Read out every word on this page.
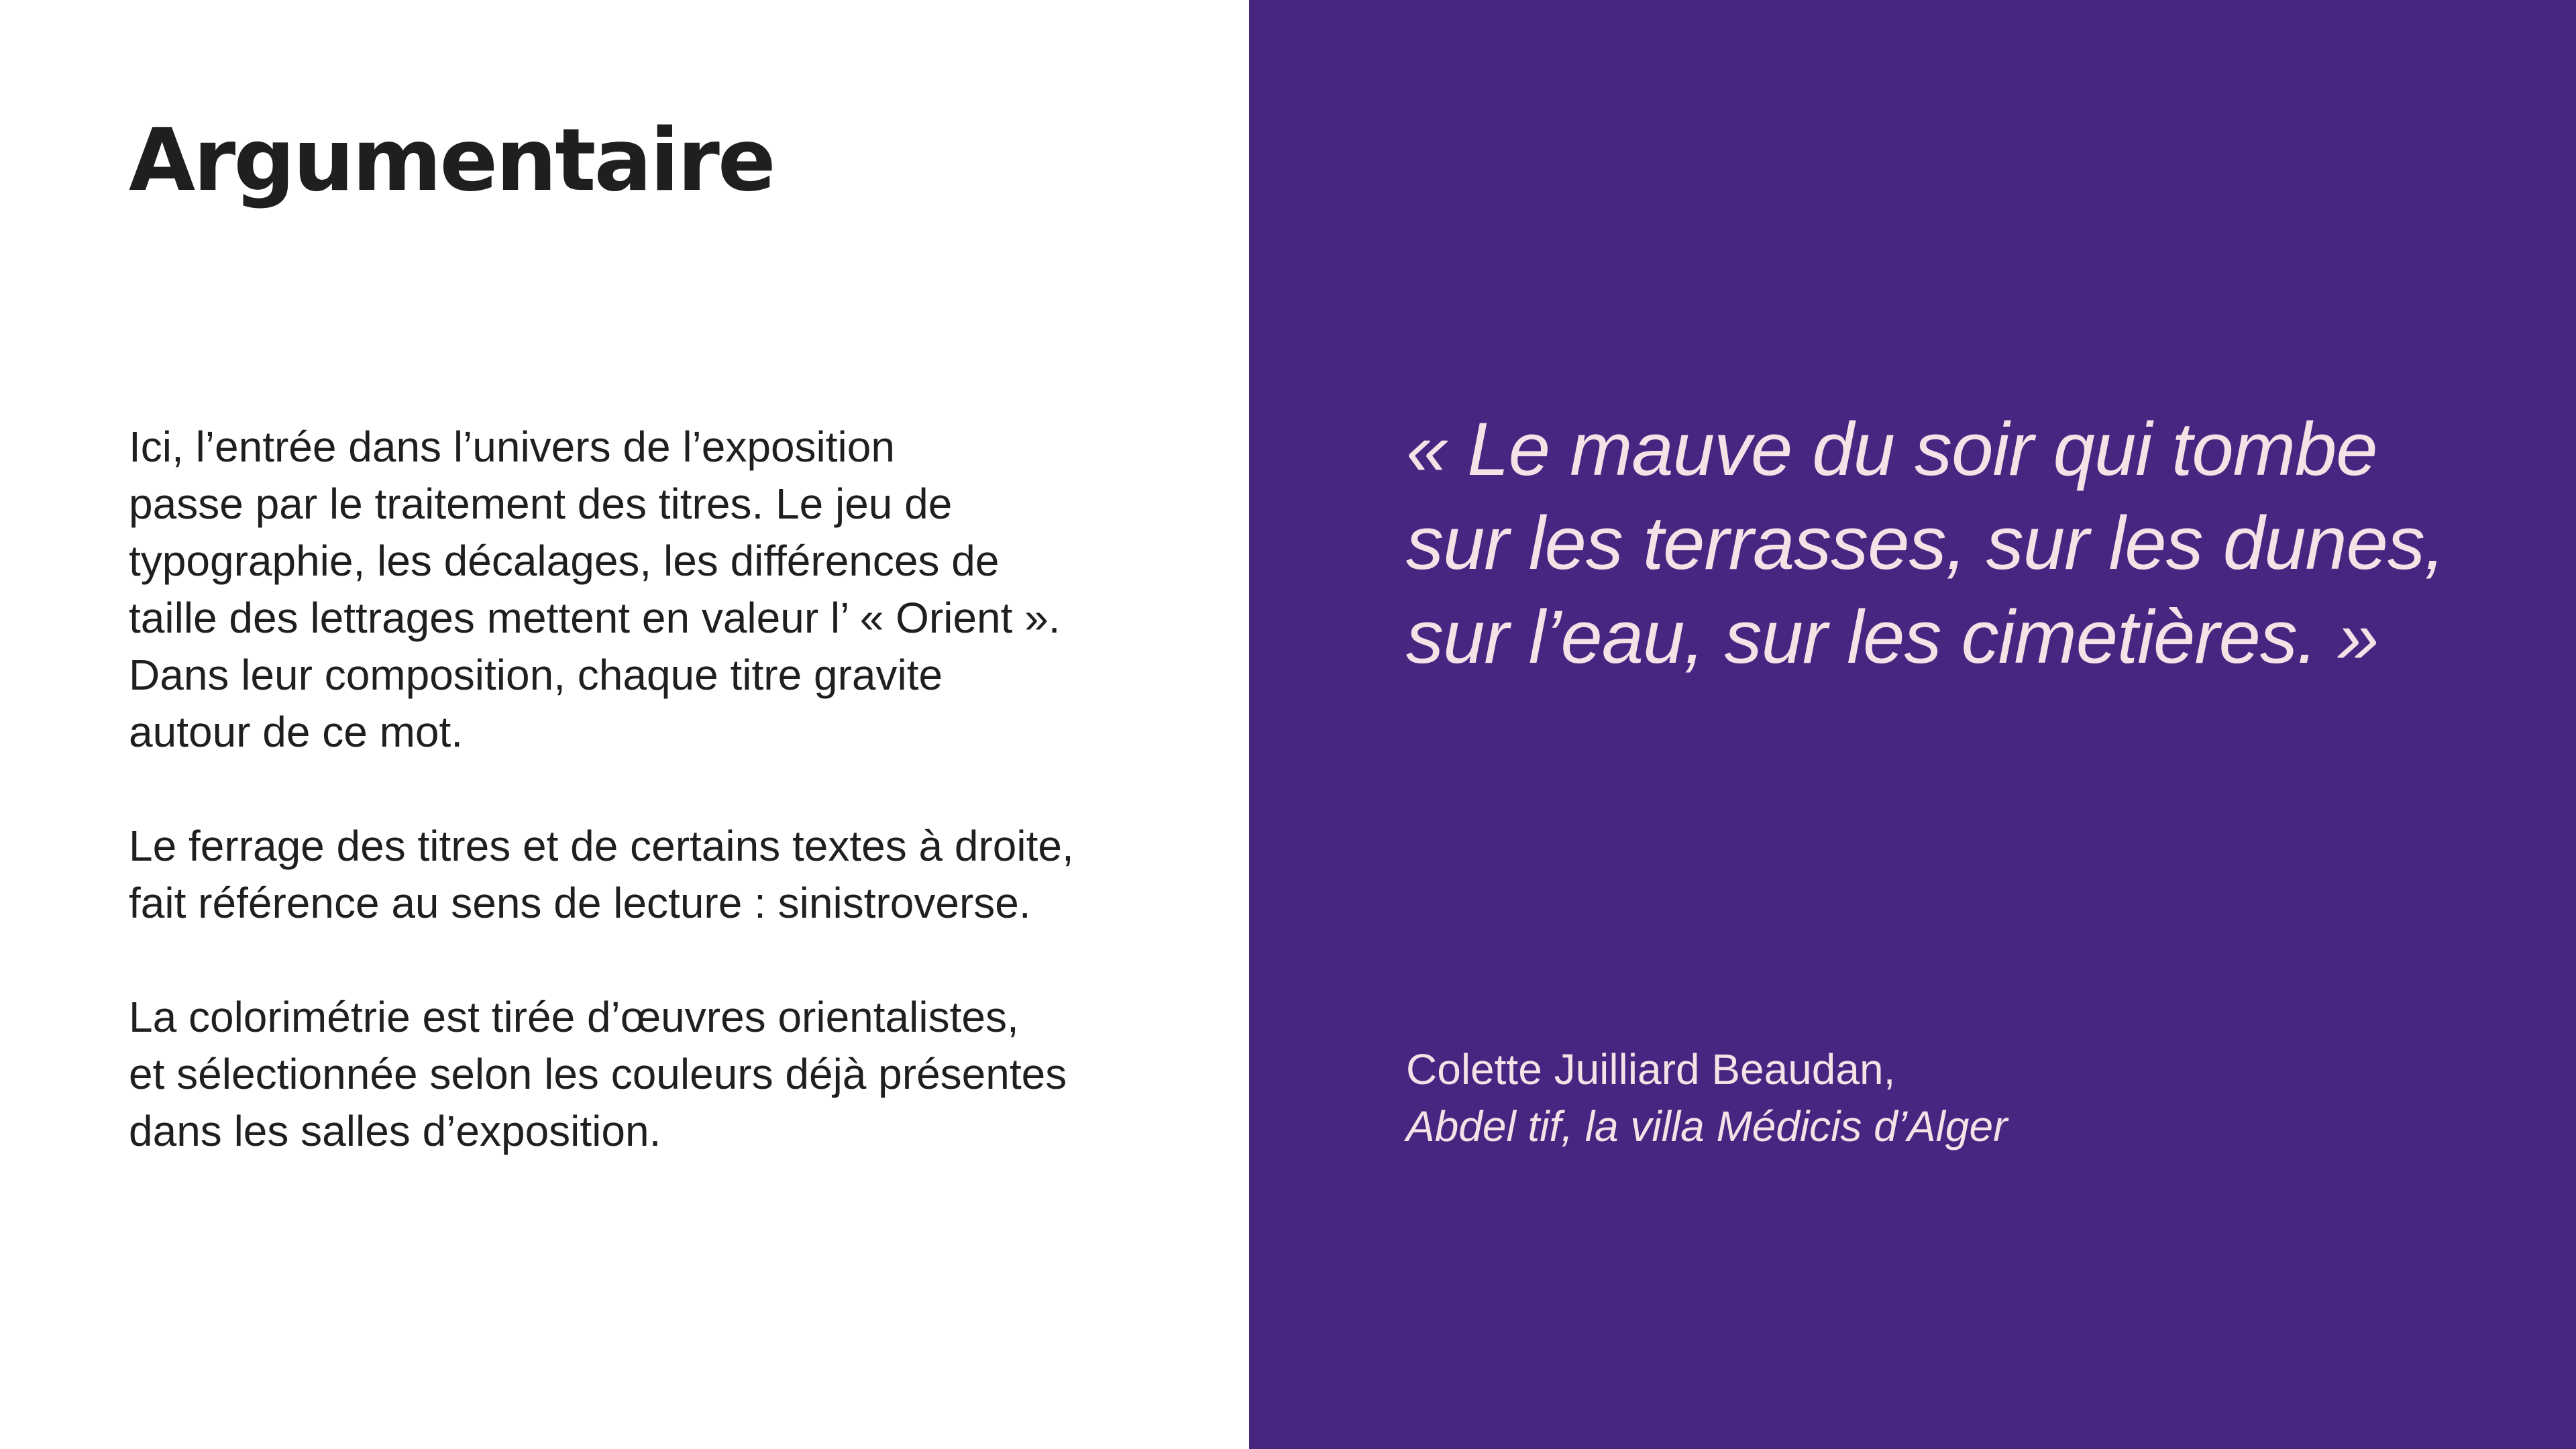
Argumentaire

Ici, l’entrée dans l’univers de l’exposition
passe par le traitement des titres. Le jeu de
typographie, les décalages, les différences de
taille des lettrages mettent en valeur l’ « Orient ».
Dans leur composition, chaque titre gravite
autour de ce mot.

Le ferrage des titres et de certains textes à droite,
fait référence au sens de lecture : sinistroverse.

La colorimétrie est tirée d’œuvres orientalistes,
et sélectionnée selon les couleurs déjà présentes
dans les salles d’exposition.

« Le mauve du soir qui tombe
sur les terrasses, sur les dunes,
sur l’eau, sur les cimetières. »
Colette Juilliard Beaudan,
Abdel tif, la villa Médicis d’Alger
